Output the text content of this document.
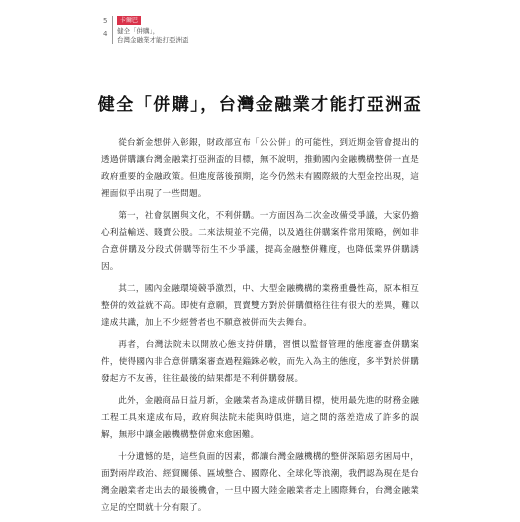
5
4
卡爾巴
健全「併購」，
台灣金融業才能打亞洲盃
健全「併購」，台灣金融業才能打亞洲盃

從台新金想併入彰銀，財政部宣布「公公併」的可能性，到近期金管會提出的透過併購讓台灣金融業打亞洲盃的目標，無不說明，推動國內金融機構整併一直是政府重要的金融政策。但進度落後預期，迄今仍然未有國際級的大型金控出現，這裡面似乎出現了一些問題。

第一，社會氛圍與文化，不利併購。一方面因為二次金改備受爭議，大家仍擔心利益輸送、賤賣公股。二來法規並不完備，以及過往併購案件常用策略，例如非合意併購及分段式併購等衍生不少爭議，提高金融整併難度，也降低業界併購誘因。

其二，國內金融環境競爭激烈，中、大型金融機構的業務重疊性高，原本相互整併的效益就不高。即使有意願，買賣雙方對於併購價格往往有很大的差異，難以達成共識，加上不少經營者也不願意被併而失去舞台。

再者，台灣法院未以開放心態支持併購，習慣以監督管理的態度審查併購案件，使得國內非合意併購案審查過程錙銖必較，而先入為主的態度，多半對於併購發起方不友善，往往最後的結果都是不利併購發展。

此外，金融商品日益月新，金融業者為達成併購目標，使用最先進的財務金融工程工具來達成布局，政府與法院未能與時俱進，這之間的落差造成了許多的誤解，無形中讓金融機構整併愈來愈困難。

十分遺憾的是，這些負面的因素，都讓台灣金融機構的整併深陷惡劣困局中，面對兩岸政治、經貿關係、區域整合、國際化、全球化等浪潮，我們認為現在是台灣金融業者走出去的最後機會，一旦中國大陸金融業者走上國際舞台，台灣金融業立足的空間就十分有限了。
